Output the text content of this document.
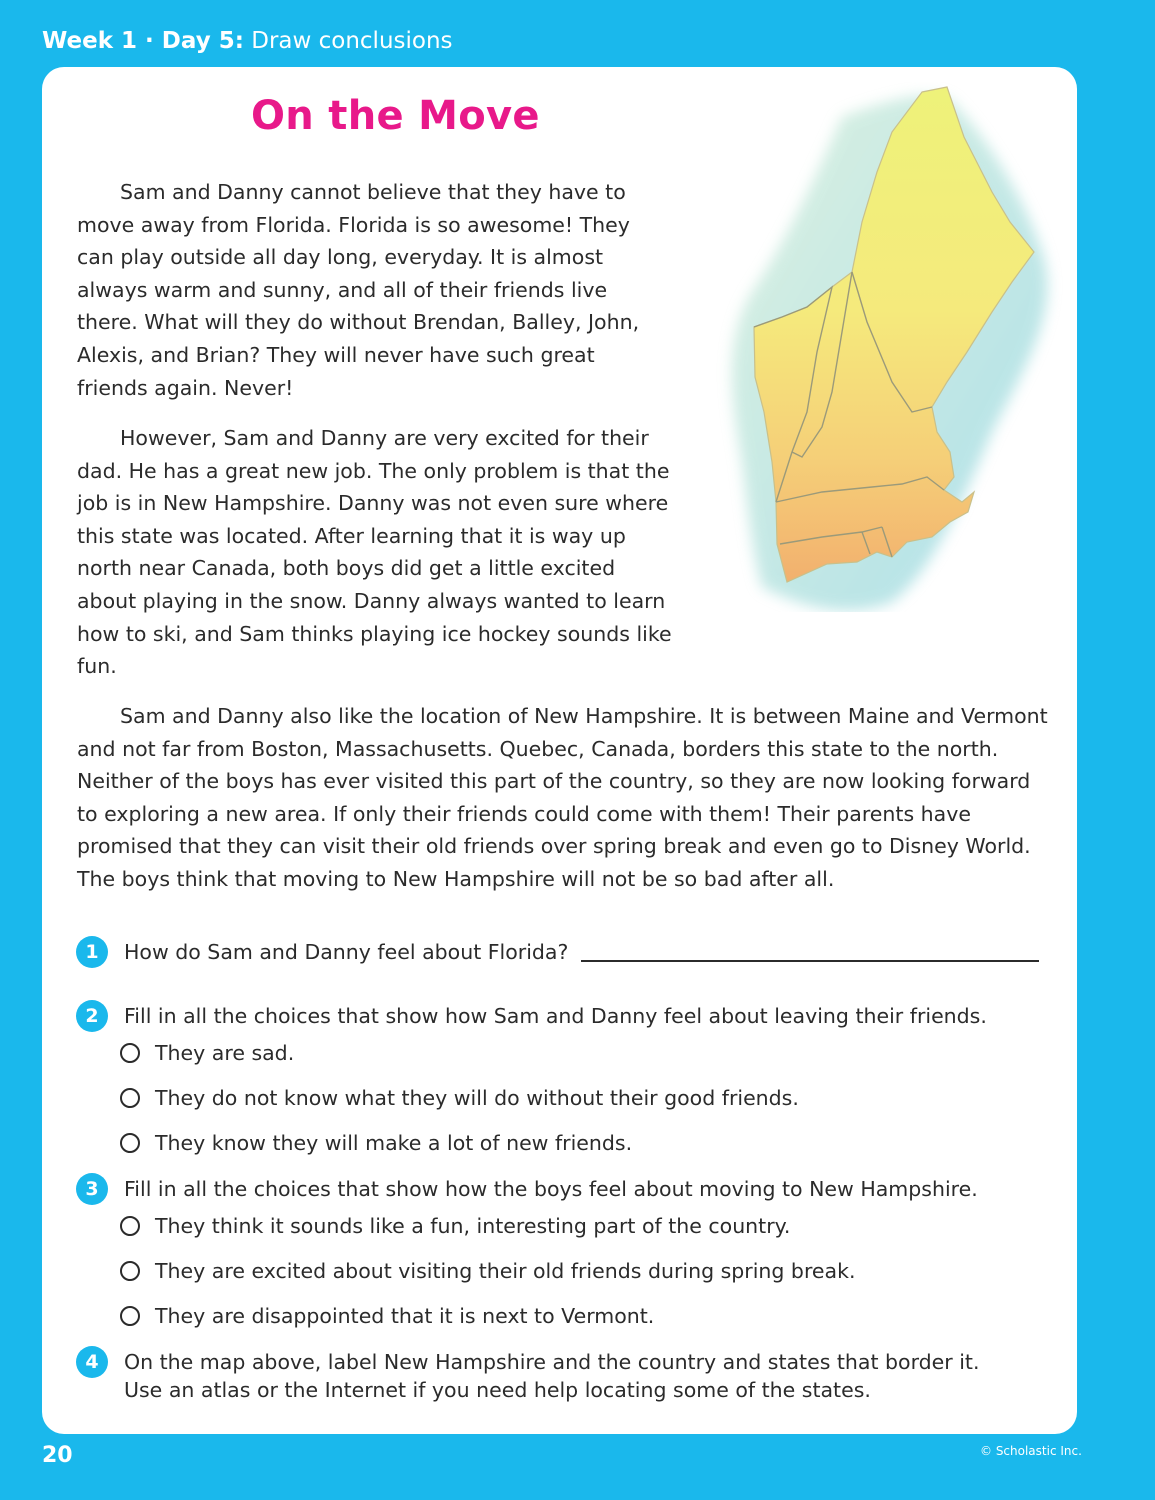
Week 1 · Day 5: Draw conclusions
On the Move

Sam and Danny cannot believe that they have to move away from Florida. Florida is so awesome! They can play outside all day long, everyday. It is almost always warm and sunny, and all of their friends live there. What will they do without Brendan, Balley, John, Alexis, and Brian? They will never have such great friends again. Never!

However, Sam and Danny are very excited for their dad. He has a great new job. The only problem is that the job is in New Hampshire. Danny was not even sure where this state was located. After learning that it is way up north near Canada, both boys did get a little excited about playing in the snow. Danny always wanted to learn how to ski, and Sam thinks playing ice hockey sounds like fun.

Sam and Danny also like the location of New Hampshire. It is between Maine and Vermont and not far from Boston, Massachusetts. Quebec, Canada, borders this state to the north. Neither of the boys has ever visited this part of the country, so they are now looking forward to exploring a new area. If only their friends could come with them! Their parents have promised that they can visit their old friends over spring break and even go to Disney World. The boys think that moving to New Hampshire will not be so bad after all.

1	How do Sam and Danny feel about Florida?
2	Fill in all the choices that show how Sam and Danny feel about leaving their friends.
They are sad.
They do not know what they will do without their good friends.
They know they will make a lot of new friends.
3	Fill in all the choices that show how the boys feel about moving to New Hampshire.
They think it sounds like a fun, interesting part of the country.
They are excited about visiting their old friends during spring break.
They are disappointed that it is next to Vermont.
4	On the map above, label New Hampshire and the country and states that border it.
Use an atlas or the Internet if you need help locating some of the states.
20	© Scholastic Inc.
